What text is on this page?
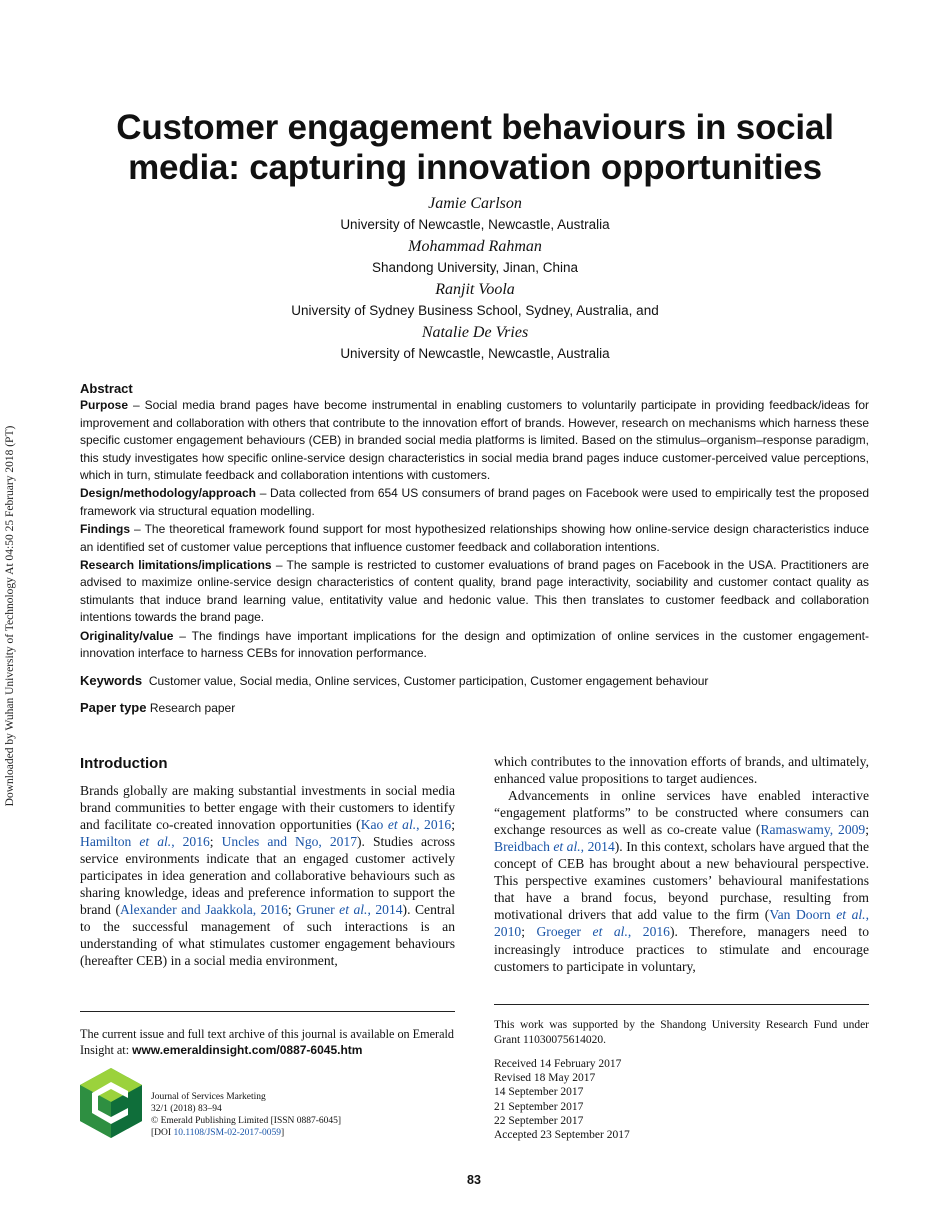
Downloaded by Wuhan University of Technology At 04:50 25 February 2018 (PT)
Customer engagement behaviours in social
media: capturing innovation opportunities
Jamie Carlson
University of Newcastle, Newcastle, Australia
Mohammad Rahman
Shandong University, Jinan, China
Ranjit Voola
University of Sydney Business School, Sydney, Australia, and
Natalie De Vries
University of Newcastle, Newcastle, Australia
Abstract

Purpose – Social media brand pages have become instrumental in enabling customers to voluntarily participate in providing feedback/ideas for improvement and collaboration with others that contribute to the innovation effort of brands. However, research on mechanisms which harness these specific customer engagement behaviours (CEB) in branded social media platforms is limited. Based on the stimulus–organism–response paradigm, this study investigates how specific online-service design characteristics in social media brand pages induce customer-perceived value perceptions, which in turn, stimulate feedback and collaboration intentions with customers.

Design/methodology/approach – Data collected from 654 US consumers of brand pages on Facebook were used to empirically test the proposed framework via structural equation modelling.

Findings – The theoretical framework found support for most hypothesized relationships showing how online-service design characteristics induce an identified set of customer value perceptions that influence customer feedback and collaboration intentions.

Research limitations/implications – The sample is restricted to customer evaluations of brand pages on Facebook in the USA. Practitioners are advised to maximize online-service design characteristics of content quality, brand page interactivity, sociability and customer contact quality as stimulants that induce brand learning value, entitativity value and hedonic value. This then translates to customer feedback and collaboration intentions towards the brand page.

Originality/value – The findings have important implications for the design and optimization of online services in the customer engagement-innovation interface to harness CEBs for innovation performance.

Keywords Customer value, Social media, Online services, Customer participation, Customer engagement behaviour

Paper type Research paper

Introduction

Brands globally are making substantial investments in social media brand communities to better engage with their customers to identify and facilitate co-created innovation opportunities (Kao et al., 2016; Hamilton et al., 2016; Uncles and Ngo, 2017). Studies across service environments indicate that an engaged customer actively participates in idea generation and collaborative behaviours such as sharing knowledge, ideas and preference information to support the brand (Alexander and Jaakkola, 2016; Gruner et al., 2014). Central to the successful management of such interactions is an understanding of what stimulates customer engagement behaviours (hereafter CEB) in a social media environment,

which contributes to the innovation efforts of brands, and ultimately, enhanced value propositions to target audiences.

Advancements in online services have enabled interactive “engagement platforms” to be constructed where consumers can exchange resources as well as co-create value (Ramaswamy, 2009; Breidbach et al., 2014). In this context, scholars have argued that the concept of CEB has brought about a new behavioural perspective. This perspective examines customers’ behavioural manifestations that have a brand focus, beyond purchase, resulting from motivational drivers that add value to the firm (Van Doorn et al., 2010; Groeger et al., 2016). Therefore, managers need to increasingly introduce practices to stimulate and encourage customers to participate in voluntary,

The current issue and full text archive of this journal is available on Emerald Insight at: www.emeraldinsight.com/0887-6045.htm
Journal of Services Marketing
32/1 (2018) 83–94
© Emerald Publishing Limited [ISSN 0887-6045]
[DOI 10.1108/JSM-02-2017-0059]
This work was supported by the Shandong University Research Fund under Grant 11030075614020.
Received 14 February 2017
Revised 18 May 2017
14 September 2017
21 September 2017
22 September 2017
Accepted 23 September 2017
83
